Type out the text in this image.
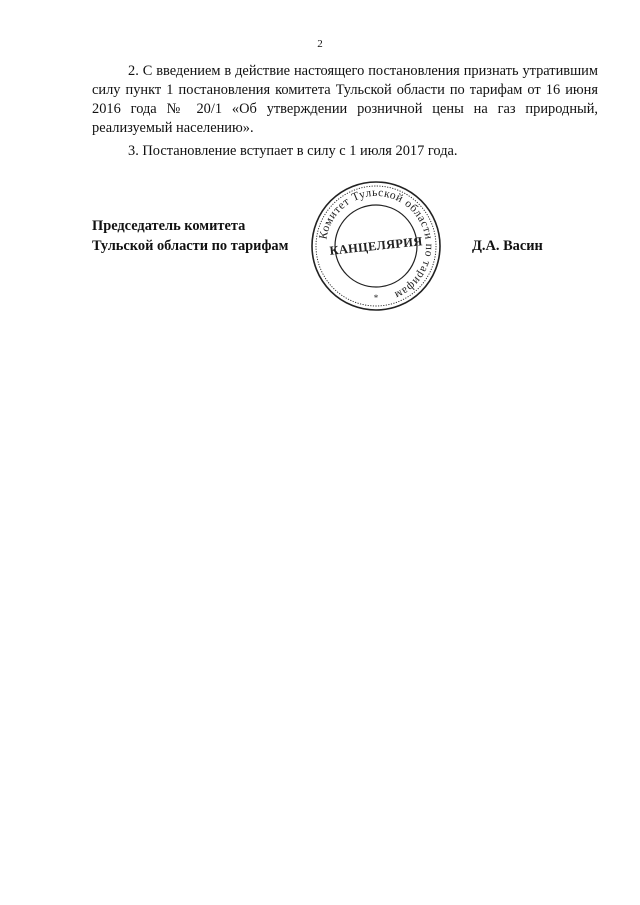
2

2. С введением в действие настоящего постановления признать утратившим силу пункт 1 постановления комитета Тульской области по тарифам от 16 июня 2016 года № 20/1 «Об утверждении розничной цены на газ природный, реализуемый населению».

3. Постановление вступает в силу с 1 июля 2017 года.

Председатель комитета
Тульской области по тарифам
Комитет Тульской области по тарифам
КАНЦЕЛЯРИЯ
*
Д.А. Васин
